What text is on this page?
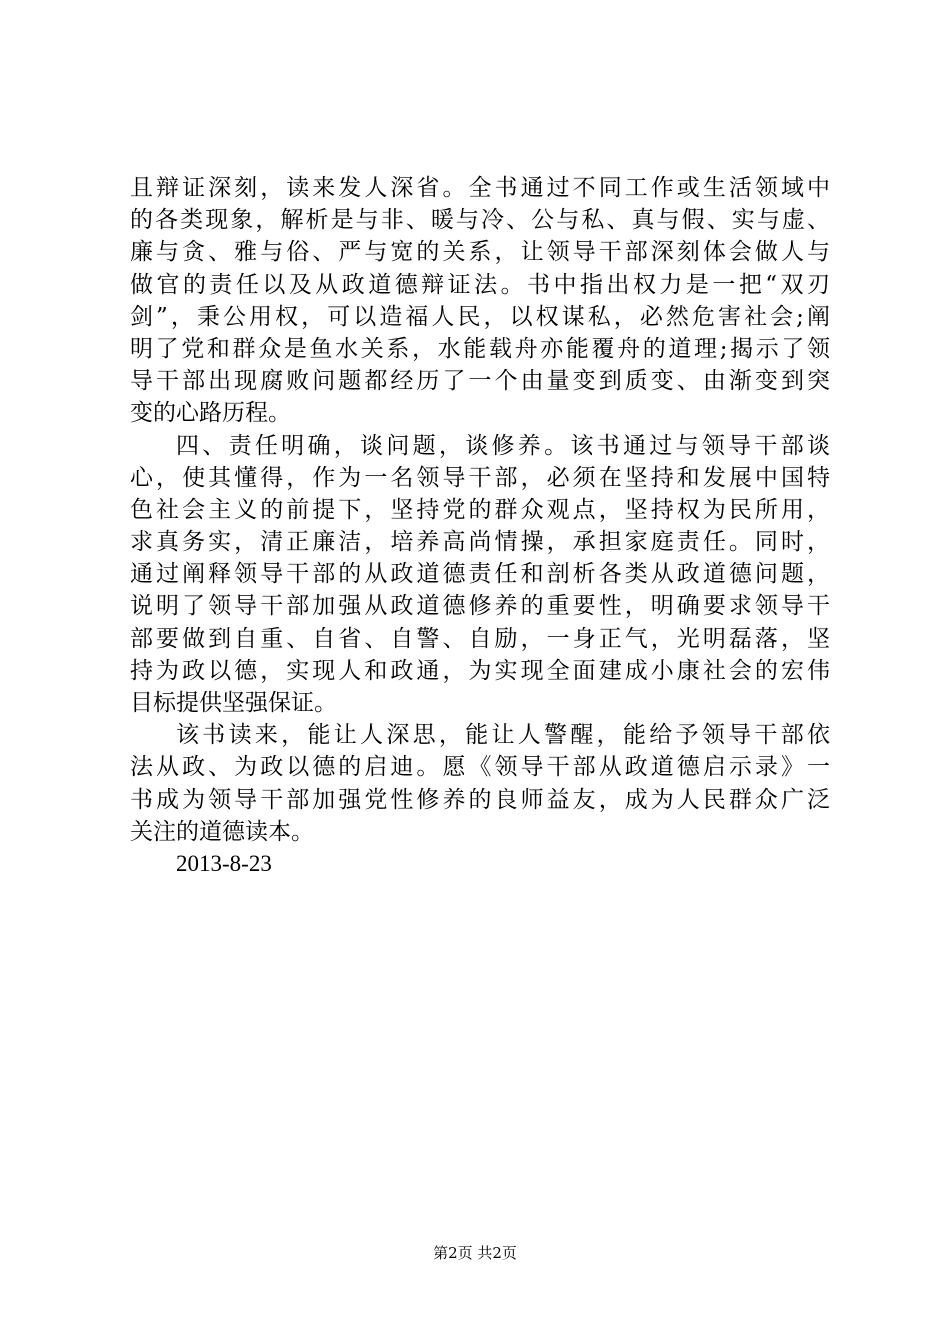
且辩证深刻，读来发人深省。全书通过不同工作或生活领域中
的各类现象，解析是与非、暖与冷、公与私、真与假、实与虚、
廉与贪、雅与俗、严与宽的关系，让领导干部深刻体会做人与
做官的责任以及从政道德辩证法。书中指出权力是一把“双刃
剑”，秉公用权，可以造福人民，以权谋私，必然危害社会;阐
明了党和群众是鱼水关系，水能载舟亦能覆舟的道理;揭示了领
导干部出现腐败问题都经历了一个由量变到质变、由渐变到突
变的心路历程。
四、责任明确，谈问题，谈修养。该书通过与领导干部谈
心，使其懂得，作为一名领导干部，必须在坚持和发展中国特
色社会主义的前提下，坚持党的群众观点，坚持权为民所用，
求真务实，清正廉洁，培养高尚情操，承担家庭责任。同时，
通过阐释领导干部的从政道德责任和剖析各类从政道德问题，
说明了领导干部加强从政道德修养的重要性，明确要求领导干
部要做到自重、自省、自警、自励，一身正气，光明磊落，坚
持为政以德，实现人和政通，为实现全面建成小康社会的宏伟
目标提供坚强保证。
该书读来，能让人深思，能让人警醒，能给予领导干部依
法从政、为政以德的启迪。愿《领导干部从政道德启示录》一
书成为领导干部加强党性修养的良师益友，成为人民群众广泛
关注的道德读本。
2013-8-23
第2页 共2页
